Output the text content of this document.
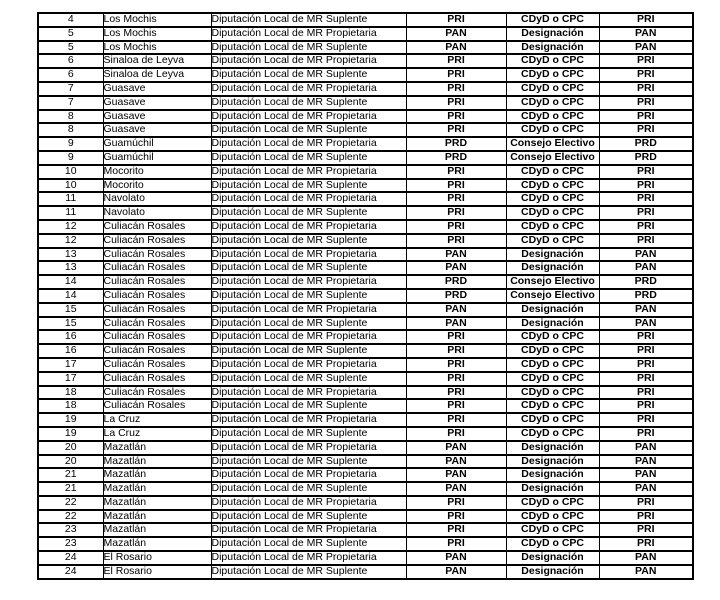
4	Los Mochis	Diputación Local de MR Suplente	PRI	CDyD o CPC	PRI
5	Los Mochis	Diputación Local de MR Propietaria	PAN	Designación	PAN
5	Los Mochis	Diputación Local de MR Suplente	PAN	Designación	PAN
6	Sinaloa de Leyva	Diputación Local de MR Propietaria	PRI	CDyD o CPC	PRI
6	Sinaloa de Leyva	Diputación Local de MR Suplente	PRI	CDyD o CPC	PRI
7	Guasave	Diputación Local de MR Propietaria	PRI	CDyD o CPC	PRI
7	Guasave	Diputación Local de MR Suplente	PRI	CDyD o CPC	PRI
8	Guasave	Diputación Local de MR Propietaria	PRI	CDyD o CPC	PRI
8	Guasave	Diputación Local de MR Suplente	PRI	CDyD o CPC	PRI
9	Guamúchil	Diputación Local de MR Propietaria	PRD	Consejo Electivo	PRD
9	Guamúchil	Diputación Local de MR Suplente	PRD	Consejo Electivo	PRD
10	Mocorito	Diputación Local de MR Propietaria	PRI	CDyD o CPC	PRI
10	Mocorito	Diputación Local de MR Suplente	PRI	CDyD o CPC	PRI
11	Navolato	Diputación Local de MR Propietaria	PRI	CDyD o CPC	PRI
11	Navolato	Diputación Local de MR Suplente	PRI	CDyD o CPC	PRI
12	Culiacán Rosales	Diputación Local de MR Propietaria	PRI	CDyD o CPC	PRI
12	Culiacán Rosales	Diputación Local de MR Suplente	PRI	CDyD o CPC	PRI
13	Culiacán Rosales	Diputación Local de MR Propietaria	PAN	Designación	PAN
13	Culiacán Rosales	Diputación Local de MR Suplente	PAN	Designación	PAN
14	Culiacán Rosales	Diputación Local de MR Propietaria	PRD	Consejo Electivo	PRD
14	Culiacán Rosales	Diputación Local de MR Suplente	PRD	Consejo Electivo	PRD
15	Culiacán Rosales	Diputación Local de MR Propietaria	PAN	Designación	PAN
15	Culiacán Rosales	Diputación Local de MR Suplente	PAN	Designación	PAN
16	Culiacán Rosales	Diputación Local de MR Propietaria	PRI	CDyD o CPC	PRI
16	Culiacán Rosales	Diputación Local de MR Suplente	PRI	CDyD o CPC	PRI
17	Culiacán Rosales	Diputación Local de MR Propietaria	PRI	CDyD o CPC	PRI
17	Culiacán Rosales	Diputación Local de MR Suplente	PRI	CDyD o CPC	PRI
18	Culiacán Rosales	Diputación Local de MR Propietaria	PRI	CDyD o CPC	PRI
18	Culiacán Rosales	Diputación Local de MR Suplente	PRI	CDyD o CPC	PRI
19	La Cruz	Diputación Local de MR Propietaria	PRI	CDyD o CPC	PRI
19	La Cruz	Diputación Local de MR Suplente	PRI	CDyD o CPC	PRI
20	Mazatlán	Diputación Local de MR Propietaria	PAN	Designación	PAN
20	Mazatlán	Diputación Local de MR Suplente	PAN	Designación	PAN
21	Mazatlán	Diputación Local de MR Propietaria	PAN	Designación	PAN
21	Mazatlán	Diputación Local de MR Suplente	PAN	Designación	PAN
22	Mazatlán	Diputación Local de MR Propietaria	PRI	CDyD o CPC	PRI
22	Mazatlán	Diputación Local de MR Suplente	PRI	CDyD o CPC	PRI
23	Mazatlán	Diputación Local de MR Propietaria	PRI	CDyD o CPC	PRI
23	Mazatlán	Diputación Local de MR Suplente	PRI	CDyD o CPC	PRI
24	El Rosario	Diputación Local de MR Propietaria	PAN	Designación	PAN
24	El Rosario	Diputación Local de MR Suplente	PAN	Designación	PAN
